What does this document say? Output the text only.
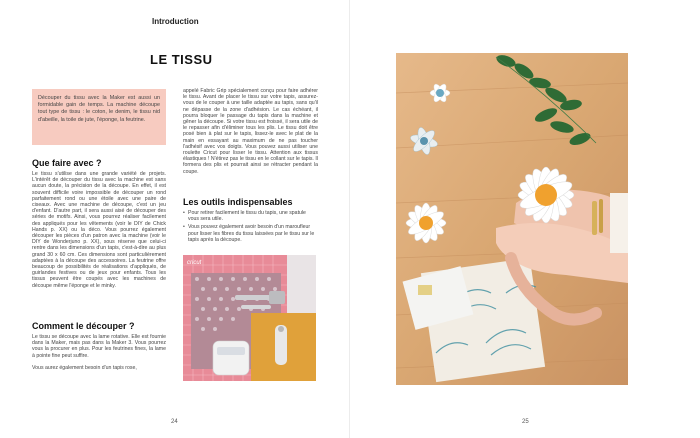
Introduction
LE TISSU

Découper du tissu avec la Maker est aussi un formidable gain de temps. La machine découpe tout type de tissu : le coton, le denim, le tissu nid d'abeille, la toile de jute, l'éponge, la feutrine.

Que faire avec ?

Le tissu s'utilise dans une grande variété de projets. L'intérêt de découper du tissu avec la machine est sans aucun doute, la précision de la découpe. En effet, il est souvent difficile voire impossible de découper un rond parfaitement rond ou une étoile avec une paire de ciseaux. Avec une machine de découpe, c'est un jeu d'enfant. D'autre part, il sera aussi aisé de découper des séries de motifs. Ainsi, vous pourrez réaliser facilement des appliqués pour les vêtements (voir le DIY de Chick Hands p. XX) ou la déco. Vous pourrez également découper les pièces d'un patron avec la machine (voir le DIY de Wonderjuno p. XX), sous réserve que celui-ci rentre dans les dimensions d'un tapis, c'est-à-dire au plus grand 30 x 60 cm. Ces dimensions sont particulièrement adaptées à la découpe des accessoires. La feutrine offre beaucoup de possibilités de réalisations d'appliqués, de guirlandes festives ou de jeux pour enfants. Tous les tissus peuvent être coupés avec les machines de découpe même l'éponge et le minky.

Comment le découper ?

Le tissu se découpe avec la lame rotative. Elle est fournie dans la Maker, mais pas dans la Maker 3. Vous pourrez vous la procurer en plus. Pour les feutrines fines, la lame à pointe fine peut suffire.

Vous aurez également besoin d'un tapis rose,

appelé Fabric Grip spécialement conçu pour faire adhérer le tissu. Avant de placer le tissu sur votre tapis, assurez-vous de le couper à une taille adaptée au tapis, sans qu'il ne dépasse de la zone d'adhésion. Le cas échéant, il pourra bloquer le passage du tapis dans la machine et gêner la découpe. Si votre tissu est froissé, il sera utile de le repasser afin d'éliminer tous les plis. Le tissu doit être posé bien à plat sur le tapis, lissez-le avec le plat de la main en essayant au maximum de ne pas toucher l'adhésif avec vos doigts. Vous pouvez aussi utiliser une roulette Cricut pour lisser le tissu. Attention aux tissus élastiques ! N'étirez pas le tissu en le collant sur le tapis. Il formera des plis et pourrait ainsi se rétracter pendant la coupe.

Les outils indispensables
• Pour retirer facilement le tissu du tapis, une spatule vous sera utile.
• Vous pouvez également avoir besoin d'un maroufleur pour lisser les fibres du tissu laissées par le tissu sur le tapis après la découpe.
cricut
24	25
